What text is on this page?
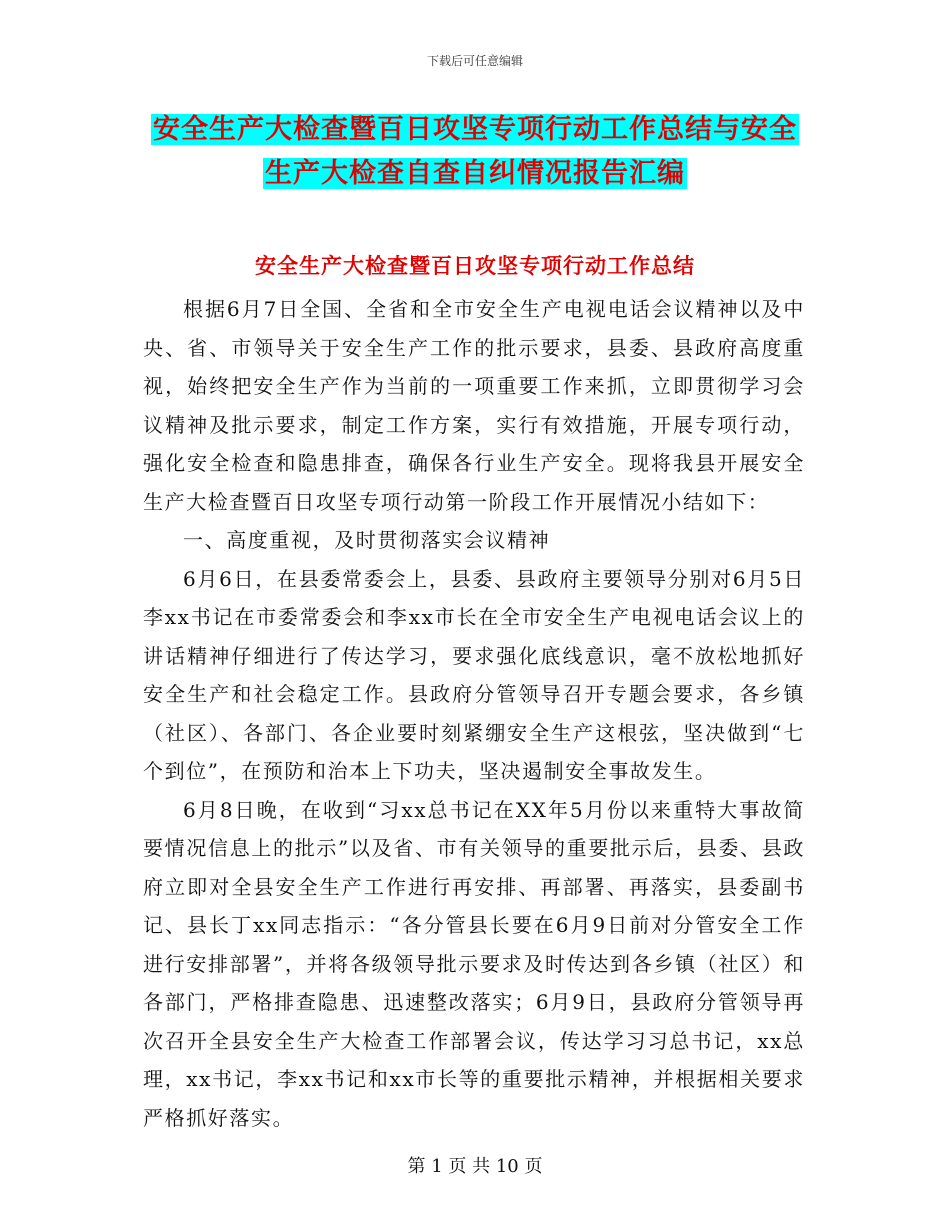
下载后可任意编辑
安全生产大检查暨百日攻坚专项行动工作总结与安全
生产大检查自查自纠情况报告汇编
安全生产大检查暨百日攻坚专项行动工作总结

根据6月7日全国、全省和全市安全生产电视电话会议精神以及中央、省、市领导关于安全生产工作的批示要求，县委、县政府高度重视，始终把安全生产作为当前的一项重要工作来抓，立即贯彻学习会议精神及批示要求，制定工作方案，实行有效措施，开展专项行动，强化安全检查和隐患排查，确保各行业生产安全。现将我县开展安全生产大检查暨百日攻坚专项行动第一阶段工作开展情况小结如下：

一、高度重视，及时贯彻落实会议精神

6月6日，在县委常委会上，县委、县政府主要领导分别对6月5日李xx书记在市委常委会和李xx市长在全市安全生产电视电话会议上的讲话精神仔细进行了传达学习，要求强化底线意识，毫不放松地抓好安全生产和社会稳定工作。县政府分管领导召开专题会要求，各乡镇（社区）、各部门、各企业要时刻紧绷安全生产这根弦，坚决做到“七个到位”，在预防和治本上下功夫，坚决遏制安全事故发生。

6月8日晚，在收到“习xx总书记在XX年5月份以来重特大事故简要情况信息上的批示”以及省、市有关领导的重要批示后，县委、县政府立即对全县安全生产工作进行再安排、再部署、再落实，县委副书记、县长丁xx同志指示：“各分管县长要在6月9日前对分管安全工作进行安排部署”，并将各级领导批示要求及时传达到各乡镇（社区）和各部门，严格排查隐患、迅速整改落实；6月9日，县政府分管领导再次召开全县安全生产大检查工作部署会议，传达学习习总书记，xx总理，xx书记，李xx书记和xx市长等的重要批示精神，并根据相关要求严格抓好落实。

第 1 页 共 10 页
